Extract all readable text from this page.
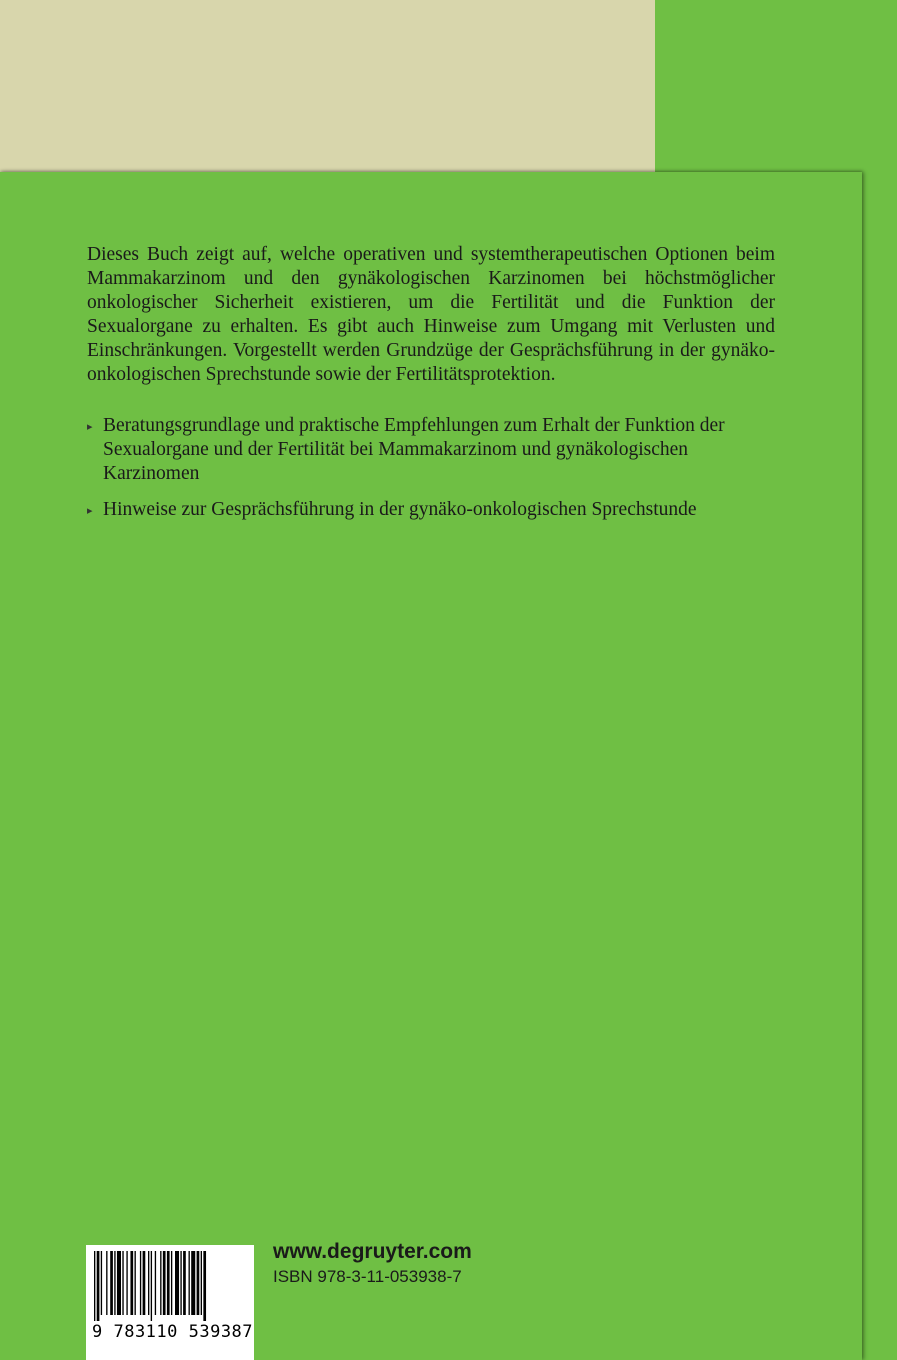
Dieses Buch zeigt auf, welche operativen und systemtherapeutischen Optionen beim Mammakarzinom und den gynäkologischen Karzinomen bei höchstmöglicher onkologischer Sicherheit existieren, um die Fertilität und die Funktion der Sexualorgane zu erhalten. Es gibt auch Hinweise zum Umgang mit Verlusten und Einschränkungen. Vorgestellt werden Grundzüge der Gesprächsführung in der gynäko-onkologischen Sprechstunde sowie der Fertilitätsprotektion.

▸ Beratungsgrundlage und praktische Empfehlungen zum Erhalt der Funktion der Sexualorgane und der Fertilität bei Mammakarzinom und gynäkologischen Karzinomen
▸ Hinweise zur Gesprächsführung in der gynäko-onkologischen Sprechstunde
9 783110 539387

www.degruyter.com

ISBN 978-3-11-053938-7
